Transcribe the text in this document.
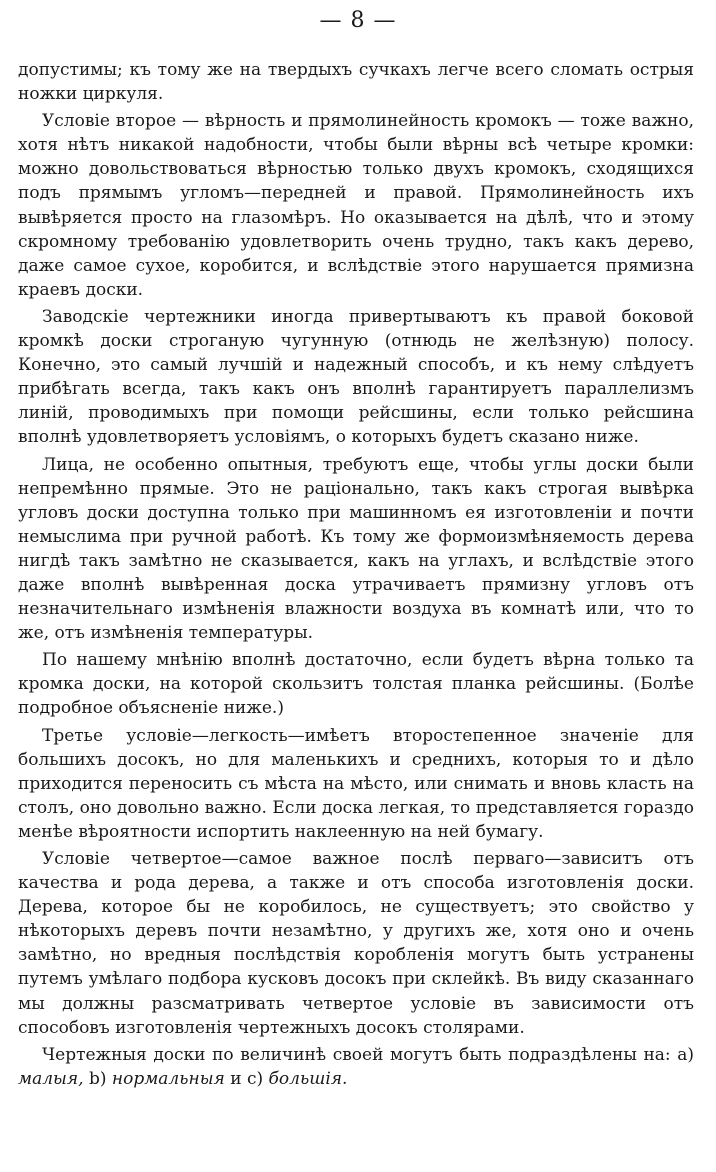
— 8 —

допустимы; къ тому же на твердыхъ сучкахъ легче всего сломать острыя ножки циркуля.

Условіе второе — вѣрность и прямолинейность кромокъ — тоже важно, хотя нѣтъ никакой надобности, чтобы были вѣрны всѣ четыре кромки: можно довольствоваться вѣрностью только двухъ кромокъ, сходящихся подъ прямымъ угломъ—передней и правой. Прямолинейность ихъ вывѣряется просто на глазомѣръ. Но оказывается на дѣлѣ, что и этому скромному требованію удовлетворить очень трудно, такъ какъ дерево, даже самое сухое, коробится, и вслѣдствіе этого нарушается прямизна краевъ доски.

Заводскіе чертежники иногда привертываютъ къ правой боковой кромкѣ доски строганую чугунную (отнюдь не желѣзную) полосу. Конечно, это самый лучшій и надежный способъ, и къ нему слѣдуетъ прибѣгать всегда, такъ какъ онъ вполнѣ гарантируетъ параллелизмъ линій, проводимыхъ при помощи рейсшины, если только рейсшина вполнѣ удовлетворяетъ условіямъ, о которыхъ будетъ сказано ниже.

Лица, не особенно опытныя, требуютъ еще, чтобы углы доски были непремѣнно прямые. Это не раціонально, такъ какъ строгая вывѣрка угловъ доски доступна только при машинномъ ея изготовленіи и почти немыслима при ручной работѣ. Къ тому же формоизмѣняемость дерева нигдѣ такъ замѣтно не сказывается, какъ на углахъ, и вслѣдствіе этого даже вполнѣ вывѣренная доска утрачиваетъ прямизну угловъ отъ незначительнаго измѣненія влажности воздуха въ комнатѣ или, что то же, отъ измѣненія температуры.

По нашему мнѣнію вполнѣ достаточно, если будетъ вѣрна только та кромка доски, на которой скользитъ толстая планка рейсшины. (Болѣе подробное объясненіе ниже.)

Третье условіе—легкость—имѣетъ второстепенное значеніе для большихъ досокъ, но для маленькихъ и среднихъ, которыя то и дѣло приходится переносить съ мѣста на мѣсто, или снимать и вновь класть на столъ, оно довольно важно. Если доска легкая, то представляется гораздо менѣе вѣроятности испортить наклеенную на ней бумагу.

Условіе четвертое—самое важное послѣ перваго—зависитъ отъ качества и рода дерева, а также и отъ способа изготовленія доски. Дерева, которое бы не коробилось, не существуетъ; это свойство у нѣкоторыхъ деревъ почти незамѣтно, у другихъ же, хотя оно и очень замѣтно, но вредныя послѣдствія коробленія могутъ быть устранены путемъ умѣлаго подбора кусковъ досокъ при склейкѣ. Въ виду сказаннаго мы должны разсматривать четвертое условіе въ зависимости отъ способовъ изготовленія чертежныхъ досокъ столярами.

Чертежныя доски по величинѣ своей могутъ быть подраздѣлены на: a) малыя, b) нормальныя и c) большія.
